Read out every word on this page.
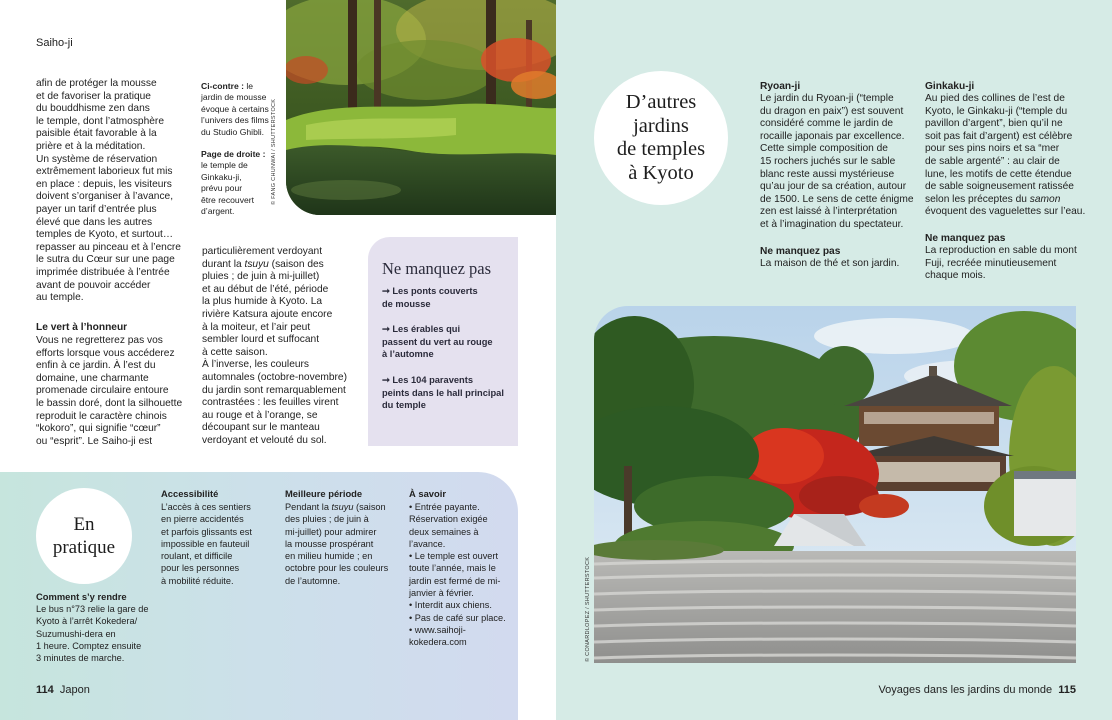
Saiho-ji
© FANG CHUNWAI / SHUTTERSTOCK
afin de protéger la mousse
et de favoriser la pratique
du bouddhisme zen dans
le temple, dont l’atmosphère
paisible était favorable à la
prière et à la méditation.
Un système de réservation
extrêmement laborieux fut mis
en place : depuis, les visiteurs
doivent s’organiser à l’avance,
payer un tarif d’entrée plus
élevé que dans les autres
temples de Kyoto, et surtout…
repasser au pinceau et à l’encre
le sutra du Cœur sur une page
imprimée distribuée à l’entrée
avant de pouvoir accéder
au temple.
Le vert à l’honneur
Vous ne regretterez pas vos
efforts lorsque vous accéderez
enfin à ce jardin. À l’est du
domaine, une charmante
promenade circulaire entoure
le bassin doré, dont la silhouette
reproduit le caractère chinois
“kokoro”, qui signifie “cœur”
ou “esprit”. Le Saiho-ji est
Ci-contre : le
jardin de mousse
évoque à certains
l’univers des films
du Studio Ghibli.
Page de droite :
le temple de
Ginkaku-ji,
prévu pour
être recouvert
d’argent.
particulièrement verdoyant
durant la tsuyu (saison des
pluies ; de juin à mi-juillet)
et au début de l’été, période
la plus humide à Kyoto. La
rivière Katsura ajoute encore
à la moiteur, et l’air peut
sembler lourd et suffocant
à cette saison.
À l’inverse, les couleurs
automnales (octobre-novembre)
du jardin sont remarquablement
contrastées : les feuilles virent
au rouge et à l’orange, se
découpant sur le manteau
verdoyant et velouté du sol.
Ne manquez pas
➞ Les ponts couverts
de mousse
➞ Les érables qui
passent du vert au rouge
à l’automne
➞ Les 104 paravents
peints dans le hall principal
du temple
En
pratique
Comment s’y rendre
Le bus n°73 relie la gare de
Kyoto à l’arrêt Kokedera/
Suzumushi-dera en
1 heure. Comptez ensuite
3 minutes de marche.
Accessibilité
L’accès à ces sentiers
en pierre accidentés
et parfois glissants est
impossible en fauteuil
roulant, et difficile
pour les personnes
à mobilité réduite.
Meilleure période
Pendant la tsuyu (saison
des pluies ; de juin à
mi-juillet) pour admirer
la mousse prospérant
en milieu humide ; en
octobre pour les couleurs
de l’automne.
À savoir
• Entrée payante.
Réservation exigée
deux semaines à
l’avance.
• Le temple est ouvert
toute l’année, mais le
jardin est fermé de mi-
janvier à février.
• Interdit aux chiens.
• Pas de café sur place.
• www.saihoji-
kokedera.com
114 Japon
D’autres
jardins
de temples
à Kyoto
Ryoan-ji
Le jardin du Ryoan-ji (“temple
du dragon en paix”) est souvent
considéré comme le jardin de
rocaille japonais par excellence.
Cette simple composition de
15 rochers juchés sur le sable
blanc reste aussi mystérieuse
qu’au jour de sa création, autour
de 1500. Le sens de cette énigme
zen est laissé à l’interprétation
et à l’imagination du spectateur.
Ne manquez pas
La maison de thé et son jardin.
Ginkaku-ji
Au pied des collines de l’est de
Kyoto, le Ginkaku-ji (“temple du
pavillon d’argent”, bien qu’il ne
soit pas fait d’argent) est célèbre
pour ses pins noirs et sa “mer
de sable argenté” : au clair de
lune, les motifs de cette étendue
de sable soigneusement ratissée
selon les préceptes du samon
évoquent des vaguelettes sur l’eau.
Ne manquez pas
La reproduction en sable du mont
Fuji, recréée minutieusement
chaque mois.
© CONARDLOPEZ / SHUTTERSTOCK
Voyages dans les jardins du monde 115
